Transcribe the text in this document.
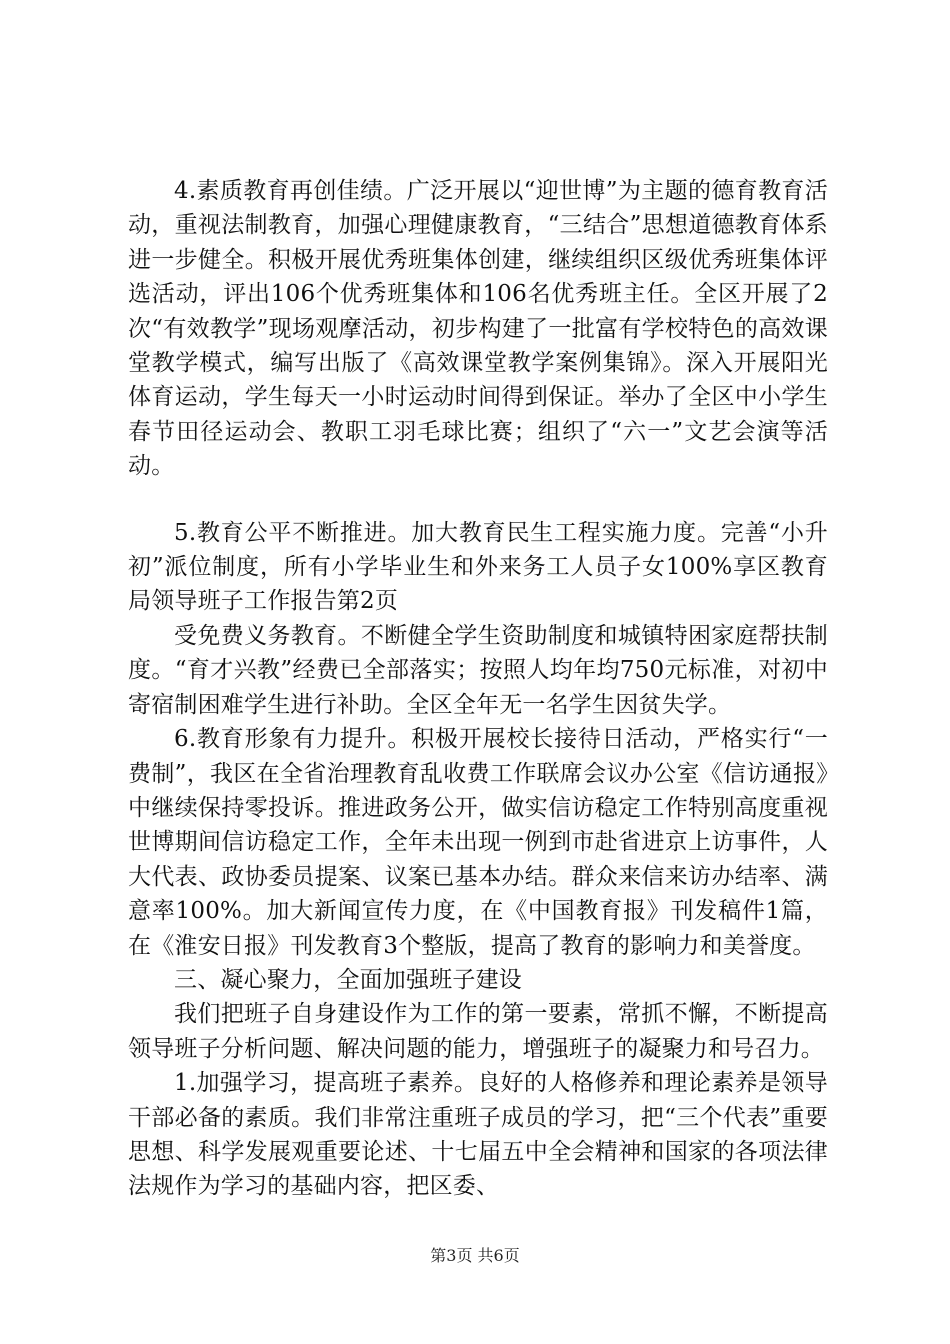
4.素质教育再创佳绩。广泛开展以“迎世博”为主题的德育教育活动，重视法制教育，加强心理健康教育，“三结合”思想道德教育体系进一步健全。积极开展优秀班集体创建，继续组织区级优秀班集体评选活动，评出106个优秀班集体和106名优秀班主任。全区开展了2次“有效教学”现场观摩活动，初步构建了一批富有学校特色的高效课堂教学模式，编写出版了《高效课堂教学案例集锦》。深入开展阳光体育运动，学生每天一小时运动时间得到保证。举办了全区中小学生春节田径运动会、教职工羽毛球比赛；组织了“六一”文艺会演等活动。

5.教育公平不断推进。加大教育民生工程实施力度。完善“小升初”派位制度，所有小学毕业生和外来务工人员子女100%享区教育局领导班子工作报告第2页

受免费义务教育。不断健全学生资助制度和城镇特困家庭帮扶制度。“育才兴教”经费已全部落实；按照人均年均750元标准，对初中寄宿制困难学生进行补助。全区全年无一名学生因贫失学。

6.教育形象有力提升。积极开展校长接待日活动，严格实行“一费制”，我区在全省治理教育乱收费工作联席会议办公室《信访通报》中继续保持零投诉。推进政务公开，做实信访稳定工作特别高度重视世博期间信访稳定工作，全年未出现一例到市赴省进京上访事件，人大代表、政协委员提案、议案已基本办结。群众来信来访办结率、满意率100%。加大新闻宣传力度，在《中国教育报》刊发稿件1篇，在《淮安日报》刊发教育3个整版，提高了教育的影响力和美誉度。

三、凝心聚力，全面加强班子建设

我们把班子自身建设作为工作的第一要素，常抓不懈，不断提高领导班子分析问题、解决问题的能力，增强班子的凝聚力和号召力。

1.加强学习，提高班子素养。良好的人格修养和理论素养是领导干部必备的素质。我们非常注重班子成员的学习，把“三个代表”重要思想、科学发展观重要论述、十七届五中全会精神和国家的各项法律法规作为学习的基础内容，把区委、

第3页 共6页
